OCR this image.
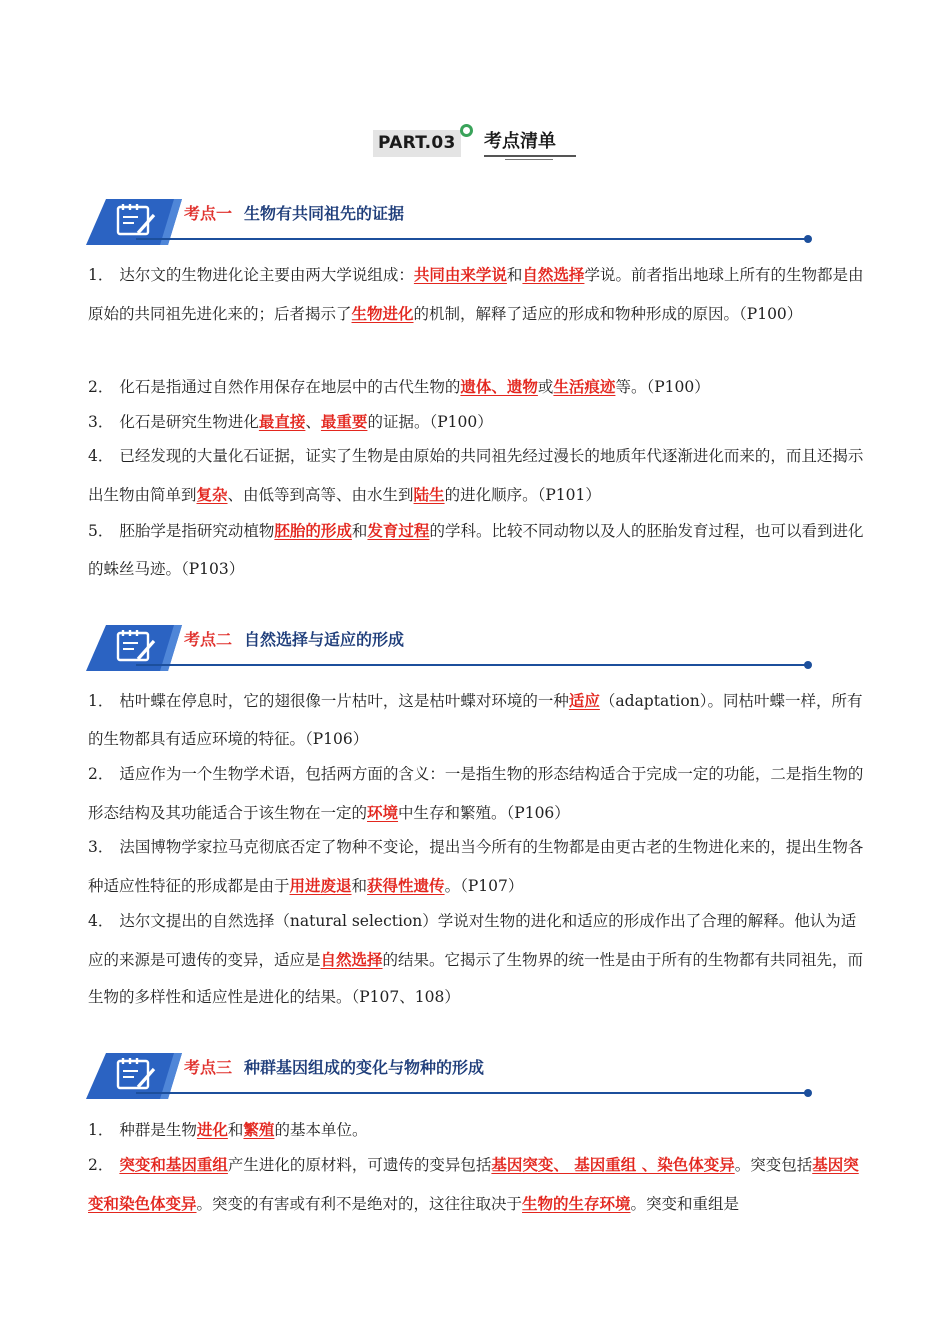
PART.03 考点清单
考点一 生物有共同祖先的证据
1． 达尔文的生物进化论主要由两大学说组成：共同由来学说和自然选择学说。前者指出地球上所有的生物都是由原始的共同祖先进化来的；后者揭示了生物进化的机制，解释了适应的形成和物种形成的原因。（P100）
2． 化石是指通过自然作用保存在地层中的古代生物的遗体、遗物或生活痕迹等。（P100）
3． 化石是研究生物进化最直接、最重要的证据。（P100）
4． 已经发现的大量化石证据，证实了生物是由原始的共同祖先经过漫长的地质年代逐渐进化而来的，而且还揭示出生物由简单到复杂、由低等到高等、由水生到陆生的进化顺序。（P101）
5． 胚胎学是指研究动植物胚胎的形成和发育过程的学科。比较不同动物以及人的胚胎发育过程，也可以看到进化的蛛丝马迹。（P103）
考点二 自然选择与适应的形成
1． 枯叶蝶在停息时，它的翅很像一片枯叶，这是枯叶蝶对环境的一种适应（adaptation）。同枯叶蝶一样，所有的生物都具有适应环境的特征。（P106）
2． 适应作为一个生物学术语，包括两方面的含义：一是指生物的形态结构适合于完成一定的功能，二是指生物的形态结构及其功能适合于该生物在一定的环境中生存和繁殖。（P106）
3． 法国博物学家拉马克彻底否定了物种不变论，提出当今所有的生物都是由更古老的生物进化来的，提出生物各种适应性特征的形成都是由于用进废退和获得性遗传。（P107）
4． 达尔文提出的自然选择（natural selection）学说对生物的进化和适应的形成作出了合理的解释。他认为适应的来源是可遗传的变异，适应是自然选择的结果。它揭示了生物界的统一性是由于所有的生物都有共同祖先，而生物的多样性和适应性是进化的结果。（P107、108）
考点三 种群基因组成的变化与物种的形成
1． 种群是生物进化和繁殖的基本单位。
2． 突变和基因重组产生进化的原材料，可遗传的变异包括基因突变、 基因重组 、染色体变异。突变包括基因突变和染色体变异。突变的有害或有利不是绝对的，这往往取决于生物的生存环境。突变和重组是
